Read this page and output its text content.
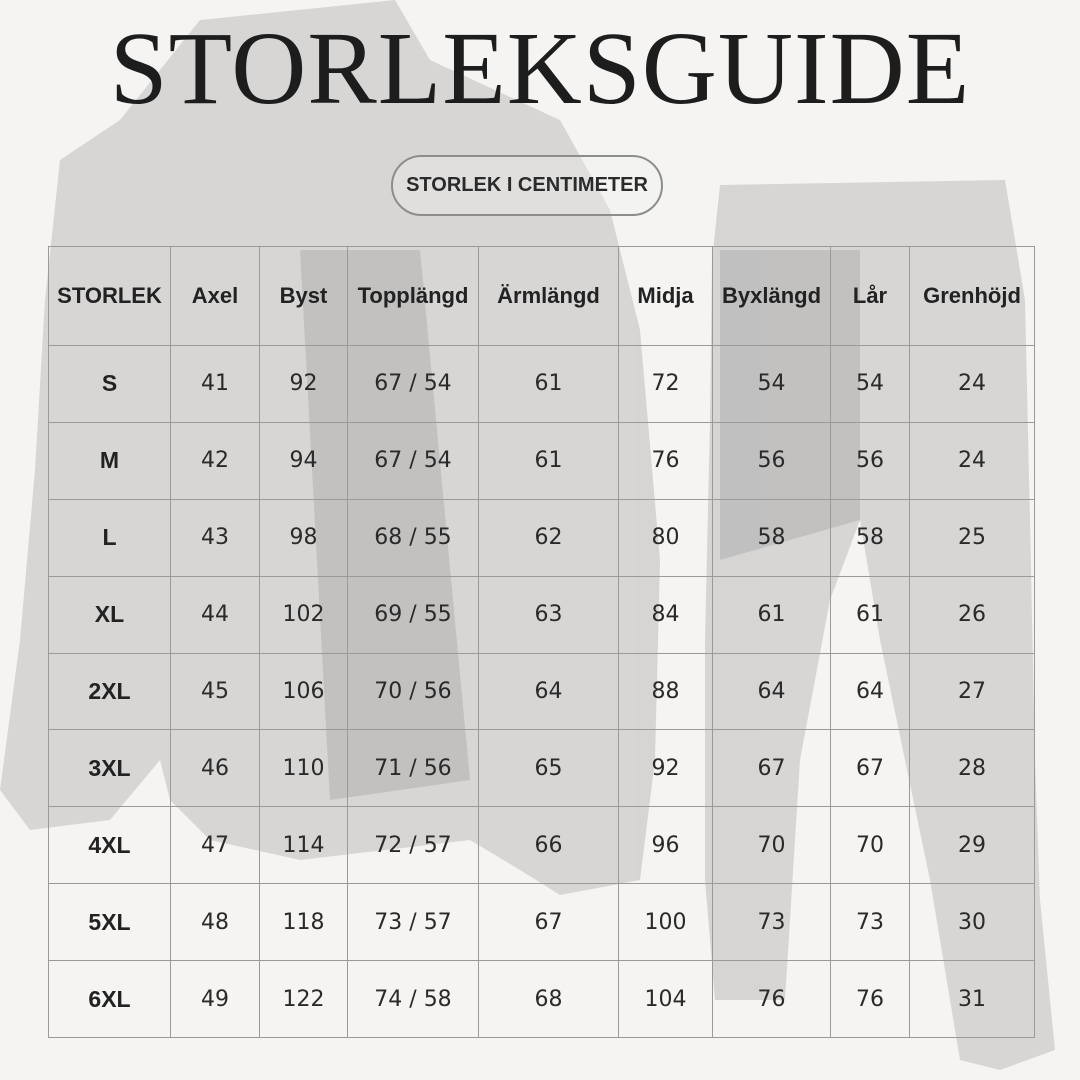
STORLEKSGUIDE
STORLEK I CENTIMETER
STORLEK	Axel	Byst	Topplängd	Ärmlängd	Midja	Byxlängd	Lår	Grenhöjd
S	41	92	67 / 54	61	72	54	54	24
M	42	94	67 / 54	61	76	56	56	24
L	43	98	68 / 55	62	80	58	58	25
XL	44	102	69 / 55	63	84	61	61	26
2XL	45	106	70 / 56	64	88	64	64	27
3XL	46	110	71 / 56	65	92	67	67	28
4XL	47	114	72 / 57	66	96	70	70	29
5XL	48	118	73 / 57	67	100	73	73	30
6XL	49	122	74 / 58	68	104	76	76	31
